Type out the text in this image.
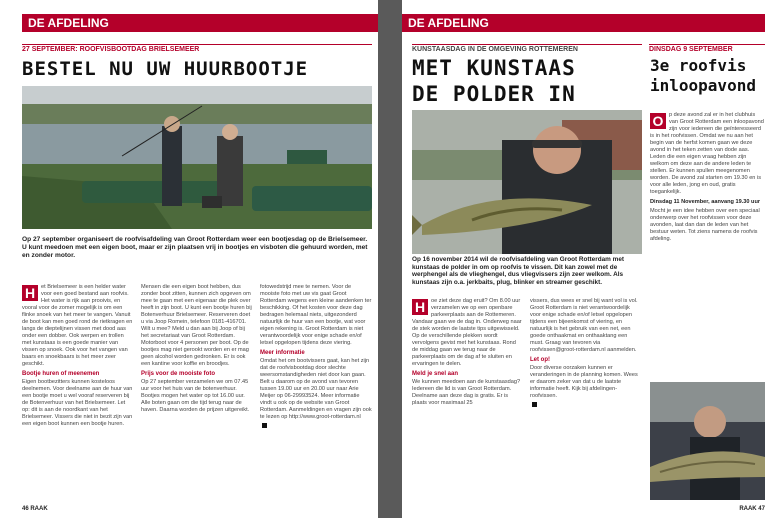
DE AFDELING
27 SEPTEMBER: ROOFVISBOOTDAG BRIELSEMEER
BESTEL NU UW HUURBOOTJE
Op 27 september organiseert de roofvisafdeling van Groot Rotterdam weer een bootjesdag op de Brielsemeer. U kunt meedoen met een eigen boot, maar er zijn plaatsen vrij in bootjes en visboten die gehuurd worden, met en zonder motor.
H	et Brielsemeer is een helder water voor een goed bestand aan roofvis. Het water is rijk aan prooivis, en vooral voor de zomer mogelijk is om een flinke snoek van het meer te vangen. Vanuit de boot kan men goed rond de rietkragen en langs de dieptelijnen vissen met dood aas onder een dobber. Ook werpen en trollen met kunstaas is een goede manier van vissen op snoek. Ook voor het vangen van baars en snoekbaars is het meer zeer geschikt.

Bootje huren of meenemen

Eigen bootbezitters kunnen kosteloos deelnemen. Voor deelname aan de huur van een bootje moet u wel vooraf reserveren bij de Botenverhuur van het Brielsemeer. Let op: dit is aan de noordkant van het Brielsemeer. Vissers die niet in bezit zijn van een eigen boot kunnen een bootje huren.

Mensen die een eigen boot hebben, dus zonder boot zitten, kunnen zich opgeven om mee te gaan met een eigenaar die plek over heeft in zijn boot. U kunt een bootje huren bij Botenverhuur Brielsemeer. Reserveren doet u via Joop Romein, telefoon 0181-416701. Wilt u mee? Meld u dan aan bij Joop of bij het secretariaat van Groot Rotterdam. Motorboot voor 4 personen per boot. Op de bootjes mag niet gerookt worden en er mag geen alcohol worden gedronken. Er is ook een kantine voor koffie en broodjes.

Prijs voor de mooiste foto

Op 27 september verzamelen we om 07.45 uur voor het huis van de botenverhuur. Bootjes mogen het water op tot 16.00 uur. Alle boten gaan om die tijd terug naar de haven. Daarna worden de prijzen uitgereikt.

fotowedstrijd mee te nemen. Voor de mooiste foto met uw vis gaat Groot Rotterdam wegens een kleine aandenken ter beschikking. Of het kosten voor deze dag bedragen helemaal niets, uitgezonderd natuurlijk de huur van een bootje, wat voor eigen rekening is. Groot Rotterdam is niet verantwoordelijk voor enige schade en/of letsel opgelopen tijdens deze viering.

Meer informatie

Omdat het om bootvissers gaat, kan het zijn dat de roofvisbootdag door slechte weersomstandigheden niet door kan gaan. Belt u daarom op de avond van tevoren tussen 19.00 uur en 20.00 uur naar Arie Meijer op 06-29993524. Meer informatie vindt u ook op de website van Groot Rotterdam. Aanmeldingen en vragen zijn ook te lezen op http://www.groot-rotterdam.nl

46 RAAK
DE AFDELING
KUNSTAASDAG IN DE OMGEVING ROTTEMEREN
MET KUNSTAAS
DE POLDER IN
Op 16 november 2014 wil de roofvisafdeling van Groot Rotterdam met kunstaas de polder in om op roofvis te vissen. Dit kan zowel met de werphengel als de vlieghengel, dus vliegvissers zijn zeer welkom. Als kunstaas zijn o.a. jerkbaits, plug, blinker en streamer geschikt.
H	oe ziet deze dag eruit? Om 8.00 uur verzamelen we op een openbare parkeerplaats aan de Rottemeren. Vandaar gaan we de dag in. Onderweg naar de stek worden de laatste tips uitgewisseld. Op de verschillende plekken wordt vervolgens gevist met het kunstaas. Rond de middag gaan we terug naar de parkeerplaats om de dag af te sluiten en ervaringen te delen.

Meld je snel aan

We kunnen meedoen aan de kunstaasdag? Iedereen die lid is van Groot Rotterdam. Deelname aan deze dag is gratis. Er is plaats voor maximaal 25

vissers, dus wees er snel bij want vol is vol. Groot Rotterdam is niet verantwoordelijk voor enige schade en/of letsel opgelopen tijdens een bijeenkomst of viering, en natuurlijk is het gebruik van een net, een goede onthaakmat en onthaaktang een must. Graag van tevoren via roofvissen@groot-rotterdam.nl aanmelden.

Let op!

Door diverse oorzaken kunnen er veranderingen in de planning komen. Wees er daarom zeker van dat u de laatste informatie heeft. Kijk bij afdelingen-roofvissen.

DINSDAG 9 SEPTEMBER
3e roofvis
inloopavond
O p deze avond zal er in het clubhuis van Groot Rotterdam een inloopavond zijn voor iedereen die geïnteresseerd is in het roofvissen. Omdat we nu aan het begin van de herfst komen gaan we deze avond in het teken zetten van dode aas. Leden die een eigen vraag hebben zijn welkom om deze aan de andere leden te stellen. Er kunnen spullen meegenomen worden. De avond zal starten om 19.30 en is voor alle leden, jong en oud, gratis toegankelijk.

Dinsdag 11 November, aanvang 19.30 uur

Mocht je een idee hebben over een speciaal onderwerp over het roofvissen voor deze avonden, laat dan dan de leden van het bestuur weten. Tot ziens namens de roofvis afdeling.

RAAK 47
